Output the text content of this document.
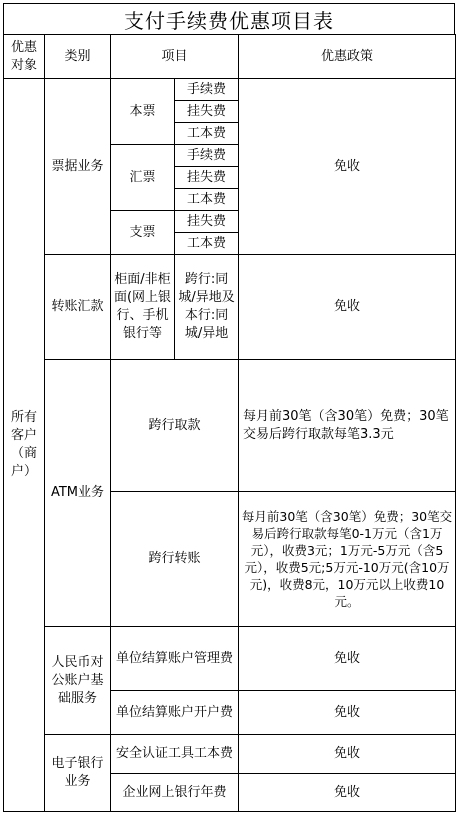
支付手续费优惠项目表
优惠对象	类别	项目		优惠政策
所有客户（商户）	票据业务	本票	手续费	免收
			挂失费	
			工本费	
		汇票	手续费	
			挂失费	
			工本费	
		支票	挂失费	
			工本费	
	转账汇款	柜面/非柜面(网上银行、手机银行等	跨行:同城/异地及本行:同城/异地	免收
	ATM业务	跨行取款		每月前30笔（含30笔）免费；30笔交易后跨行取款每笔3.3元
		跨行转账		每月前30笔（含30笔）免费；30笔交易后跨行取款每笔0-1万元（含1万元），收费3元；1万元-5万元（含5元），收费5元;5万元-10万元(含10万元)，收费8元，10万元以上收费10元。
	人民币对公账户基础服务	单位结算账户管理费		免收
		单位结算账户开户费		免收
	电子银行业务	安全认证工具工本费		免收
		企业网上银行年费		免收
